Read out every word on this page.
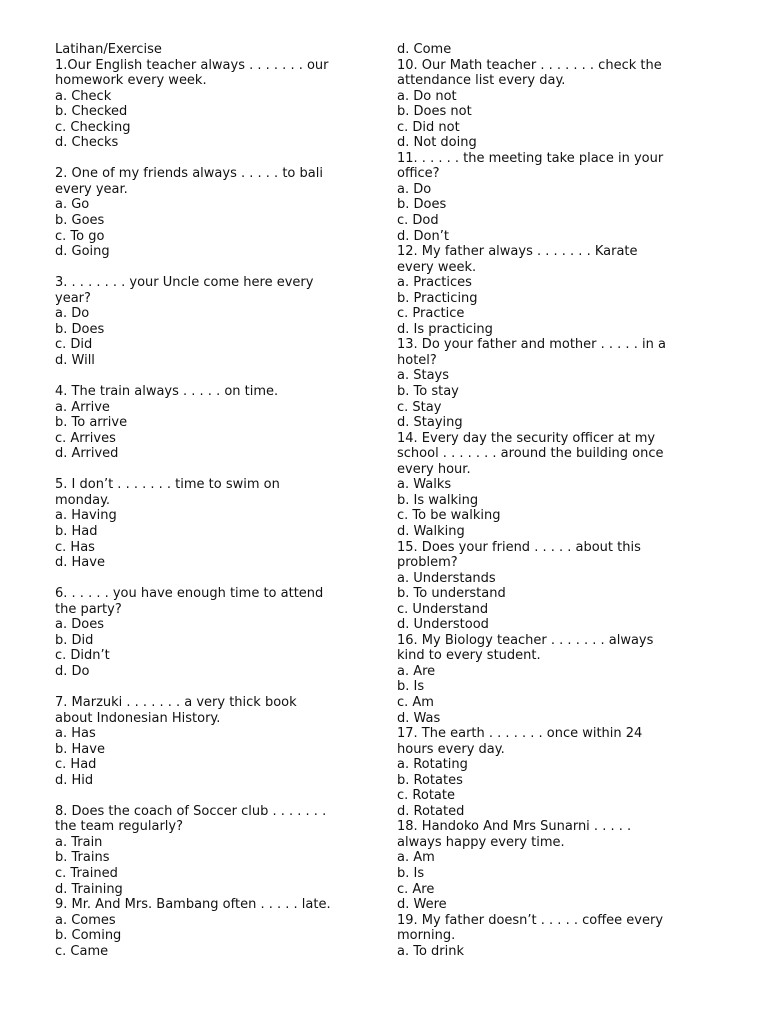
Latihan/Exercise
1.Our English teacher always . . . . . . . our
homework every week.
a. Check
b. Checked
c. Checking
d. Checks
2. One of my friends always . . . . . to bali
every year.
a. Go
b. Goes
c. To go
d. Going
3. . . . . . . . your Uncle come here every
year?
a. Do
b. Does
c. Did
d. Will
4. The train always . . . . . on time.
a. Arrive
b. To arrive
c. Arrives
d. Arrived
5. I don’t . . . . . . . time to swim on
monday.
a. Having
b. Had
c. Has
d. Have
6. . . . . . you have enough time to attend
the party?
a. Does
b. Did
c. Didn’t
d. Do
7. Marzuki . . . . . . . a very thick book
about Indonesian History.
a. Has
b. Have
c. Had
d. Hid
8. Does the coach of Soccer club . . . . . . .
the team regularly?
a. Train
b. Trains
c. Trained
d. Training
9. Mr. And Mrs. Bambang often . . . . . late.
a. Comes
b. Coming
c. Came
d. Come
10. Our Math teacher . . . . . . . check the
attendance list every day.
a. Do not
b. Does not
c. Did not
d. Not doing
11. . . . . . the meeting take place in your
office?
a. Do
b. Does
c. Dod
d. Don’t
12. My father always . . . . . . . Karate
every week.
a. Practices
b. Practicing
c. Practice
d. Is practicing
13. Do your father and mother . . . . . in a
hotel?
a. Stays
b. To stay
c. Stay
d. Staying
14. Every day the security officer at my
school . . . . . . . around the building once
every hour.
a. Walks
b. Is walking
c. To be walking
d. Walking
15. Does your friend . . . . . about this
problem?
a. Understands
b. To understand
c. Understand
d. Understood
16. My Biology teacher . . . . . . . always
kind to every student.
a. Are
b. Is
c. Am
d. Was
17. The earth . . . . . . . once within 24
hours every day.
a. Rotating
b. Rotates
c. Rotate
d. Rotated
18. Handoko And Mrs Sunarni . . . . .
always happy every time.
a. Am
b. Is
c. Are
d. Were
19. My father doesn’t . . . . . coffee every
morning.
a. To drink
